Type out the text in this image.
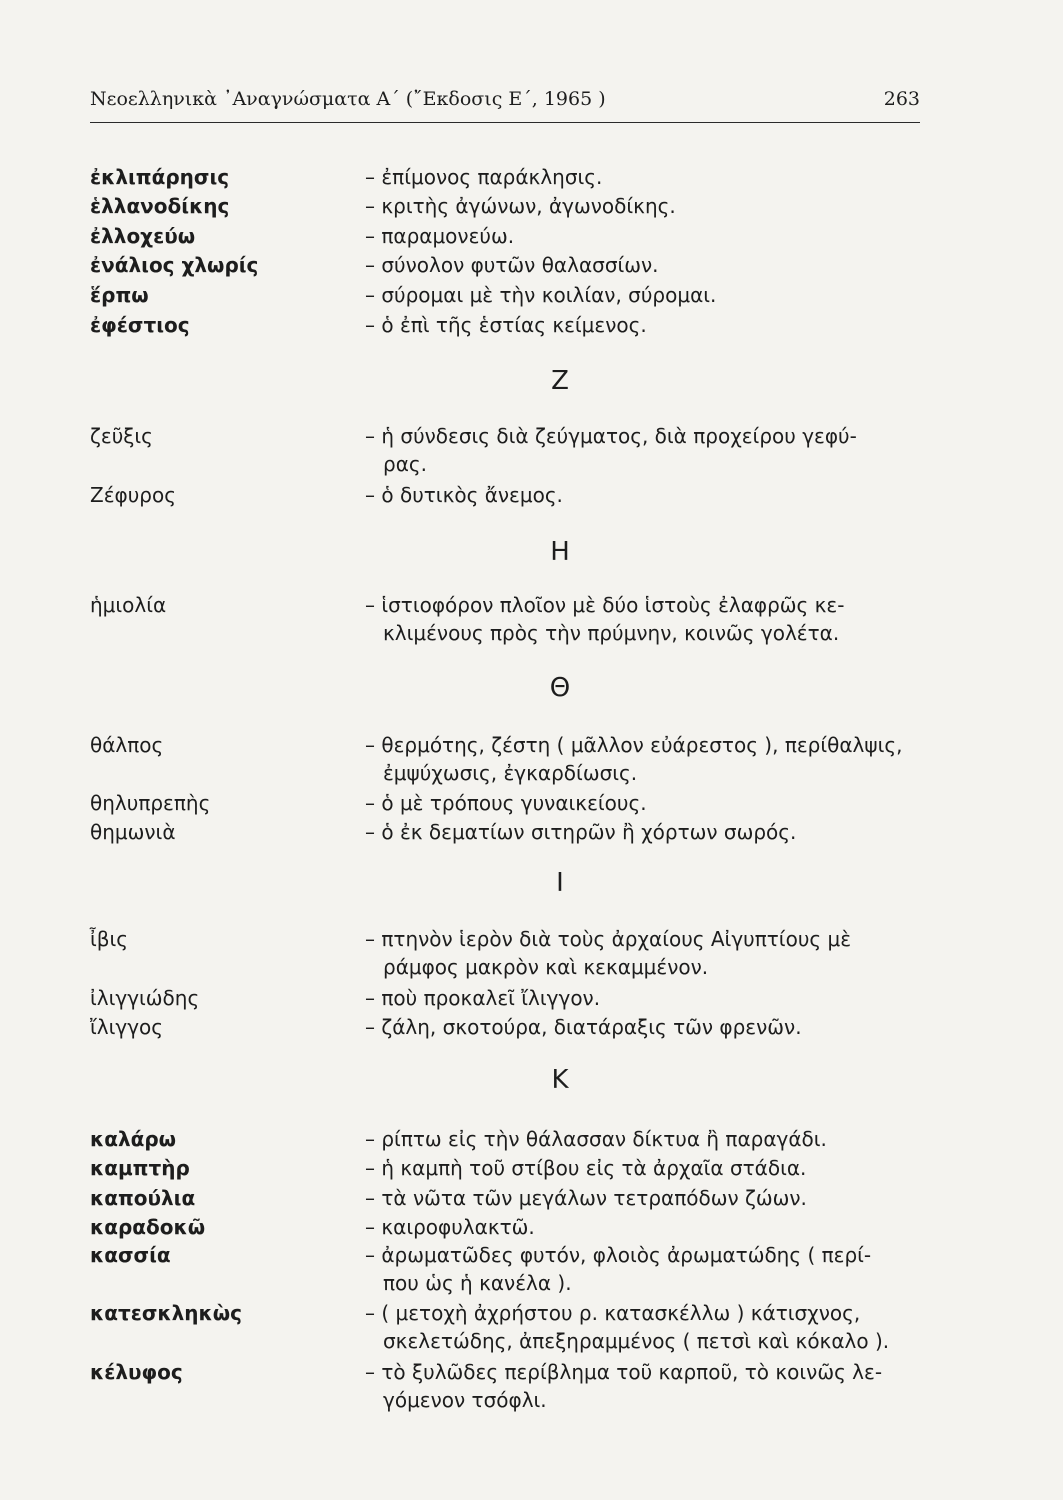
Νεοελληνικὰ ᾿Αναγνώσματα Α΄ (῎Εκδοσις Ε΄, 1965 )	263
ἐκλιπάρησις	– ἐπίμονος παράκλησις.
ἑλλανοδίκης	– κριτὴς ἀγώνων, ἀγωνοδίκης.
ἐλλοχεύω	– παραμονεύω.
ἐνάλιος χλωρίς	– σύνολον φυτῶν θαλασσίων.
ἕρπω	– σύρομαι μὲ τὴν κοιλίαν, σύρομαι.
ἐφέστιος	– ὁ ἐπὶ τῆς ἑστίας κείμενος.
Ζ
ζεῦξις	– ἡ σύνδεσις διὰ ζεύγματος, διὰ προχείρου γεφύ-
ρας.
Ζέφυρος	– ὁ δυτικὸς ἄνεμος.
Η
ἡμιολία	– ἱστιοφόρον πλοῖον μὲ δύο ἱστοὺς ἐλαφρῶς κε-
κλιμένους πρὸς τὴν πρύμνην, κοινῶς γολέτα.
Θ
θάλπος	– θερμότης, ζέστη ( μᾶλλον εὐάρεστος ), περίθαλψις,
ἐμψύχωσις, ἐγκαρδίωσις.
θηλυπρεπὴς	– ὁ μὲ τρόπους γυναικείους.
θημωνιὰ	– ὁ ἐκ δεματίων σιτηρῶν ἢ χόρτων σωρός.
Ι
ἶβις	– πτηνὸν ἱερὸν διὰ τοὺς ἀρχαίους Αἰγυπτίους μὲ
ράμφος μακρὸν καὶ κεκαμμένον.
ἰλιγγιώδης	– ποὺ προκαλεῖ ἴλιγγον.
ἴλιγγος	– ζάλη, σκοτούρα, διατάραξις τῶν φρενῶν.
Κ
καλάρω	– ρίπτω εἰς τὴν θάλασσαν δίκτυα ἢ παραγάδι.
καμπτὴρ	– ἡ καμπὴ τοῦ στίβου εἰς τὰ ἀρχαῖα στάδια.
καπούλια	– τὰ νῶτα τῶν μεγάλων τετραπόδων ζώων.
καραδοκῶ	– καιροφυλακτῶ.
κασσία	– ἀρωματῶδες φυτόν, φλοιὸς ἀρωματώδης ( περί-
που ὡς ἡ κανέλα ).
κατεσκληκὼς	– ( μετοχὴ ἀχρήστου ρ. κατασκέλλω ) κάτισχνος,
σκελετώδης, ἀπεξηραμμένος ( πετσὶ καὶ κόκαλο ).
κέλυφος	– τὸ ξυλῶδες περίβλημα τοῦ καρποῦ, τὸ κοινῶς λε-
γόμενον τσόφλι.
